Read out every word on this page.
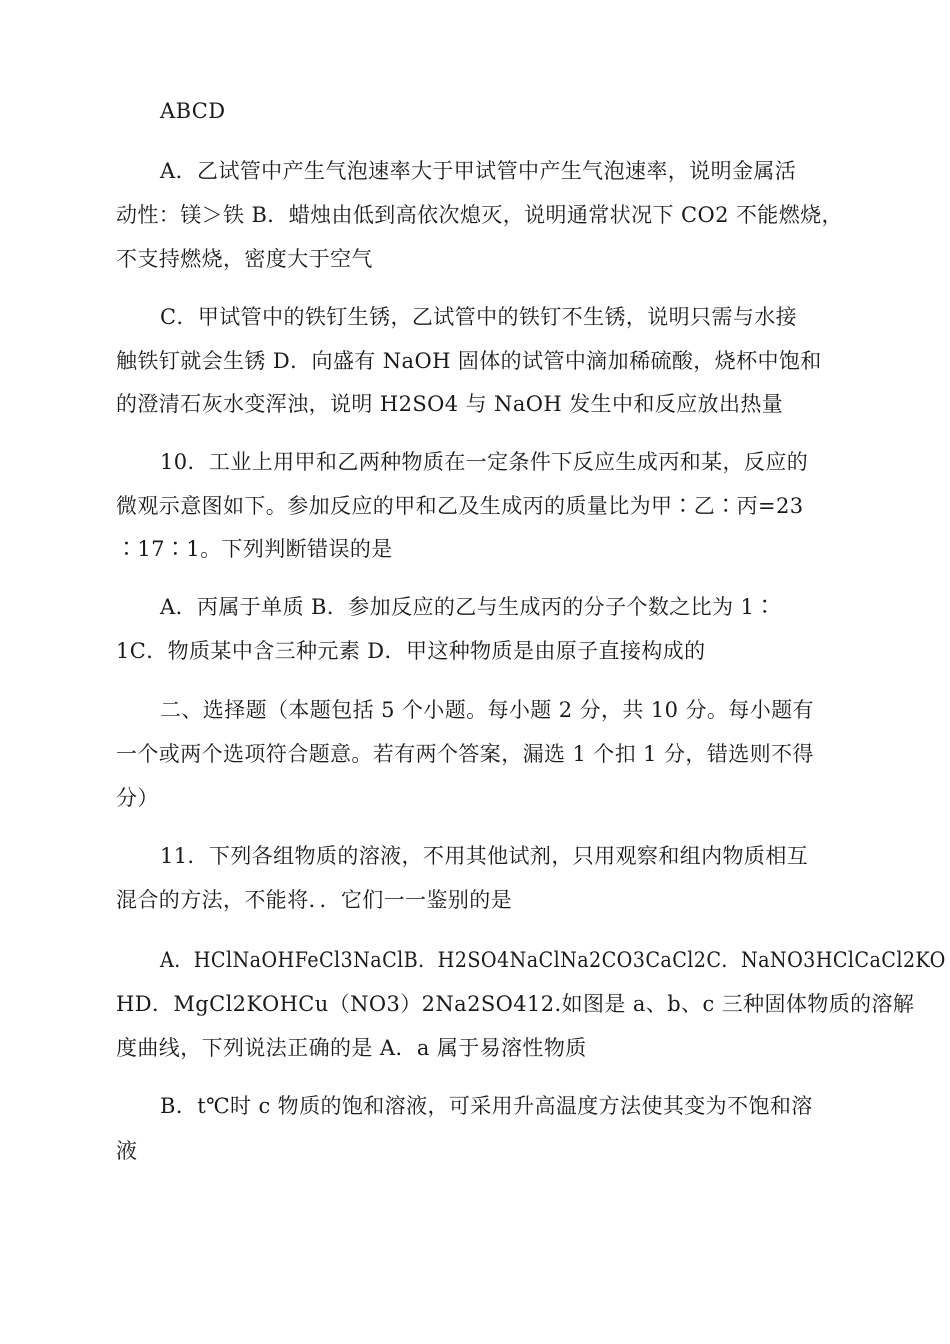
ABCD
A．乙试管中产生气泡速率大于甲试管中产生气泡速率，说明金属活
动性：镁＞铁 B．蜡烛由低到高依次熄灭，说明通常状况下 CO2 不能燃烧，
不支持燃烧，密度大于空气
C．甲试管中的铁钉生锈，乙试管中的铁钉不生锈，说明只需与水接
触铁钉就会生锈 D．向盛有 NaOH 固体的试管中滴加稀硫酸，烧杯中饱和
的澄清石灰水变浑浊，说明 H2SO4 与 NaOH 发生中和反应放出热量
10．工业上用甲和乙两种物质在一定条件下反应生成丙和某，反应的
微观示意图如下。参加反应的甲和乙及生成丙的质量比为甲∶乙∶丙=23
∶17∶1。下列判断错误的是
A．丙属于单质 B．参加反应的乙与生成丙的分子个数之比为 1∶
1C．物质某中含三种元素 D．甲这种物质是由原子直接构成的
二、选择题（本题包括 5 个小题。每小题 2 分，共 10 分。每小题有
一个或两个选项符合题意。若有两个答案，漏选 1 个扣 1 分，错选则不得
分）
11．下列各组物质的溶液，不用其他试剂，只用观察和组内物质相互
混合的方法，不能将．．它们一一鉴别的是
A．HClNaOHFeCl3NaClB．H2SO4NaClNa2CO3CaCl2C．NaNO3HClCaCl2KO
HD．MgCl2KOHCu（NO3）2Na2SO412.如图是 a、b、c 三种固体物质的溶解
度曲线，下列说法正确的是 A．a 属于易溶性物质
B．t℃时 c 物质的饱和溶液，可采用升高温度方法使其变为不饱和溶
液
